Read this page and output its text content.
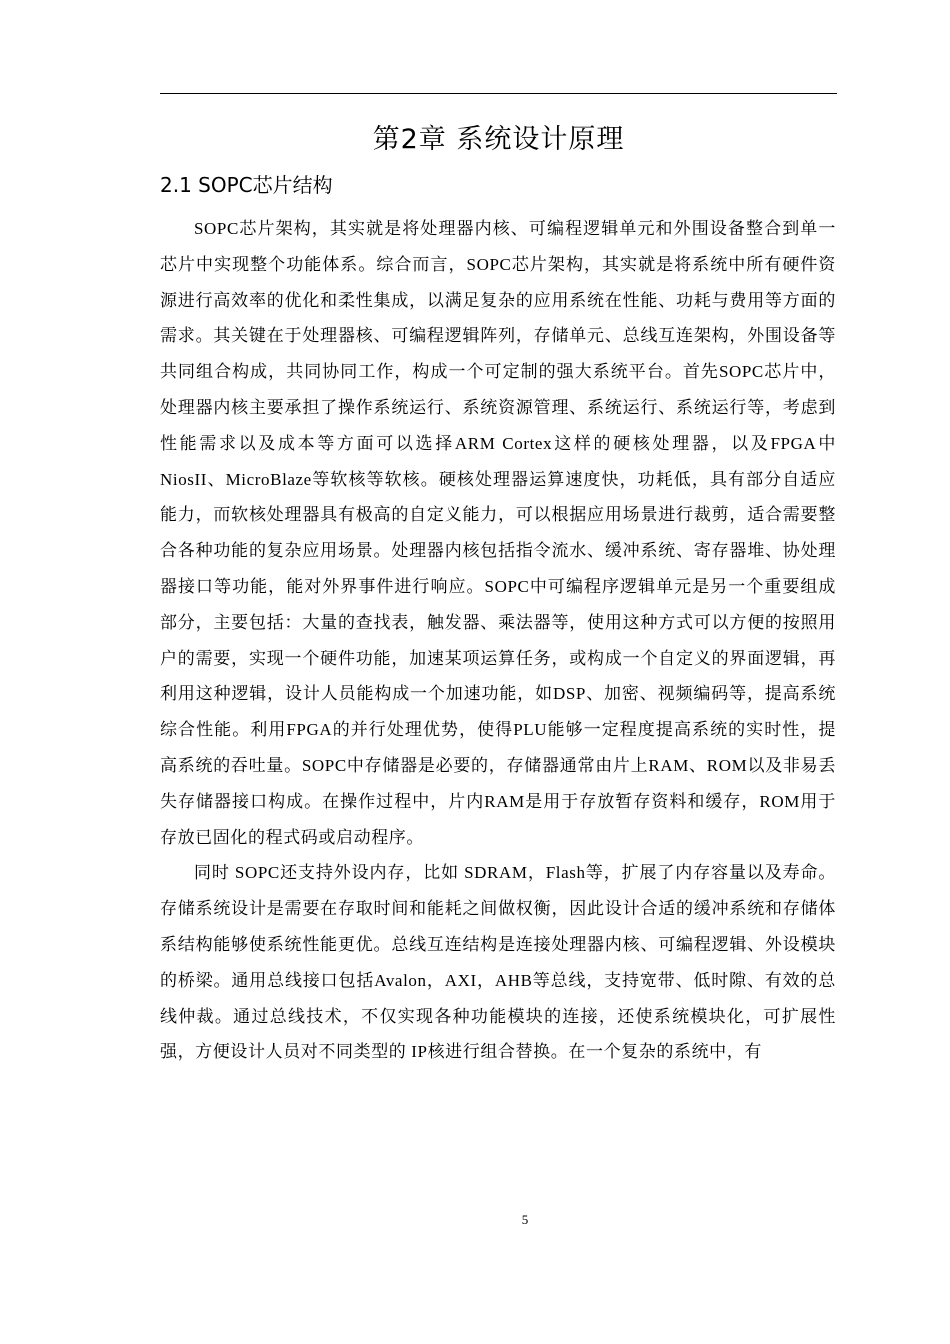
第2章 系统设计原理
2.1 SOPC芯片结构

SOPC芯片架构，其实就是将处理器内核、可编程逻辑单元和外围设备整合到单一芯片中实现整个功能体系。综合而言，SOPC芯片架构，其实就是将系统中所有硬件资源进行高效率的优化和柔性集成，以满足复杂的应用系统在性能、功耗与费用等方面的需求。其关键在于处理器核、可编程逻辑阵列，存储单元、总线互连架构，外围设备等共同组合构成，共同协同工作，构成一个可定制的强大系统平台。首先SOPC芯片中，处理器内核主要承担了操作系统运行、系统资源管理、系统运行、系统运行等，考虑到性能需求以及成本等方面可以选择ARM Cortex这样的硬核处理器，以及FPGA中NiosII、MicroBlaze等软核等软核。硬核处理器运算速度快，功耗低，具有部分自适应能力，而软核处理器具有极高的自定义能力，可以根据应用场景进行裁剪，适合需要整合各种功能的复杂应用场景。处理器内核包括指令流水、缓冲系统、寄存器堆、协处理器接口等功能，能对外界事件进行响应。SOPC中可编程序逻辑单元是另一个重要组成部分，主要包括：大量的查找表，触发器、乘法器等，使用这种方式可以方便的按照用户的需要，实现一个硬件功能，加速某项运算任务，或构成一个自定义的界面逻辑，再利用这种逻辑，设计人员能构成一个加速功能，如DSP、加密、视频编码等，提高系统综合性能。利用FPGA的并行处理优势，使得PLU能够一定程度提高系统的实时性，提高系统的吞吐量。SOPC中存储器是必要的，存储器通常由片上RAM、ROM以及非易丢失存储器接口构成。在操作过程中，片内RAM是用于存放暂存资料和缓存，ROM用于存放已固化的程式码或启动程序。

同时 SOPC还支持外设内存，比如 SDRAM，Flash等，扩展了内存容量以及寿命。存储系统设计是需要在存取时间和能耗之间做权衡，因此设计合适的缓冲系统和存储体系结构能够使系统性能更优。总线互连结构是连接处理器内核、可编程逻辑、外设模块的桥梁。通用总线接口包括Avalon，AXI，AHB等总线，支持宽带、低时隙、有效的总线仲裁。通过总线技术，不仅实现各种功能模块的连接，还使系统模块化，可扩展性强，方便设计人员对不同类型的 IP核进行组合替换。在一个复杂的系统中，有

5
